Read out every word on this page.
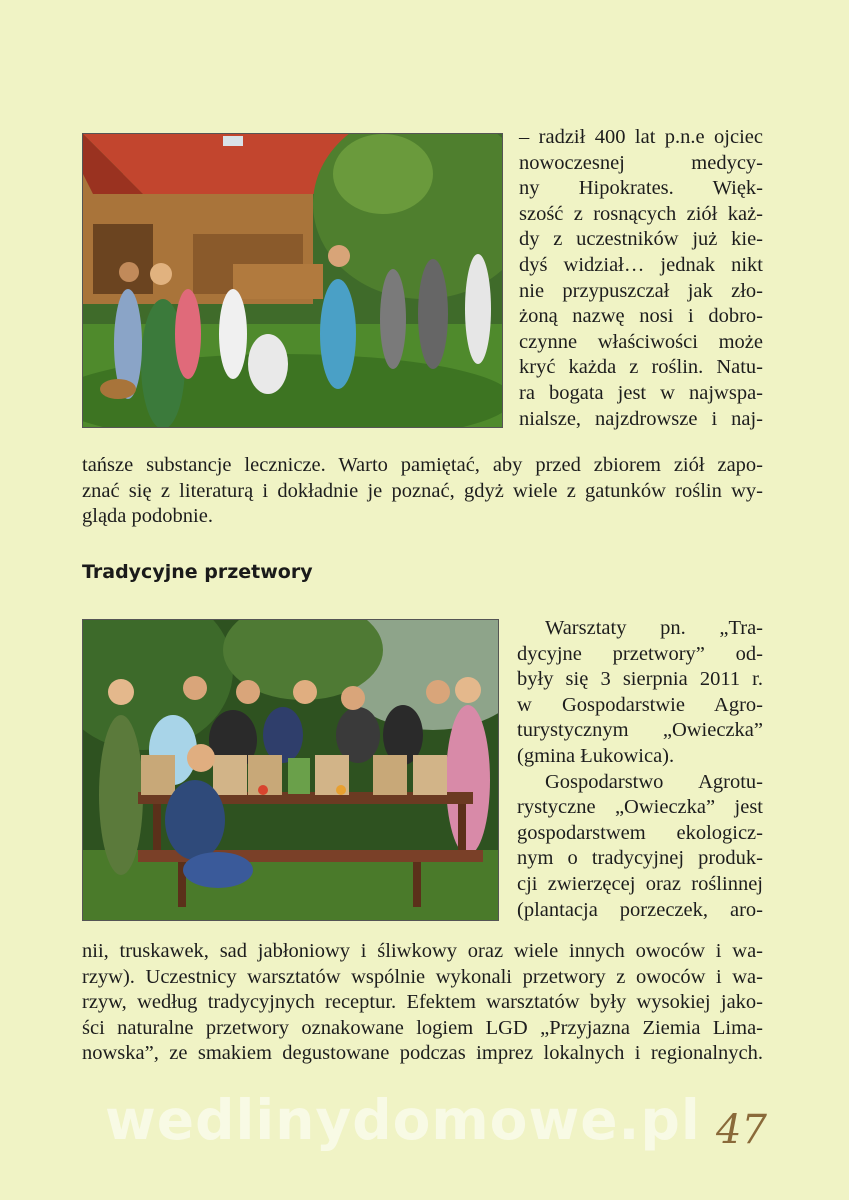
– radził 400 lat p.n.e ojciec
nowoczesnej medycy-
ny Hipokrates. Więk-
szość z rosnących ziół każ-
dy z uczestników już kie-
dyś widział… jednak nikt
nie przypuszczał jak zło-
żoną nazwę nosi i dobro-
czynne właściwości może
kryć każda z roślin. Natu-
ra bogata jest w najwspa-
nialsze, najzdrowsze i naj-
tańsze substancje lecznicze. Warto pamiętać, aby przed zbiorem ziół zapo-
znać się z literaturą i dokładnie je poznać, gdyż wiele z gatunków roślin wy-
gląda podobnie.
Tradycyjne przetwory
Warsztaty pn. „Tra-
dycyjne przetwory” od-
były się 3 sierpnia 2011 r.
w Gospodarstwie Agro-
turystycznym „Owieczka”
(gmina Łukowica).
Gospodarstwo Agrotu-
rystyczne „Owieczka” jest
gospodarstwem ekologicz-
nym o tradycyjnej produk-
cji zwierzęcej oraz roślinnej
(plantacja porzeczek, aro-
nii, truskawek, sad jabłoniowy i śliwkowy oraz wiele innych owoców i wa-
rzyw). Uczestnicy warsztatów wspólnie wykonali przetwory z owoców i wa-
rzyw, według tradycyjnych receptur. Efektem warsztatów były wysokiej jako-
ści naturalne przetwory oznakowane logiem LGD „Przyjazna Ziemia Lima-
nowska”, ze smakiem degustowane podczas imprez lokalnych i regionalnych.
wedlinydomowe.pl 47
